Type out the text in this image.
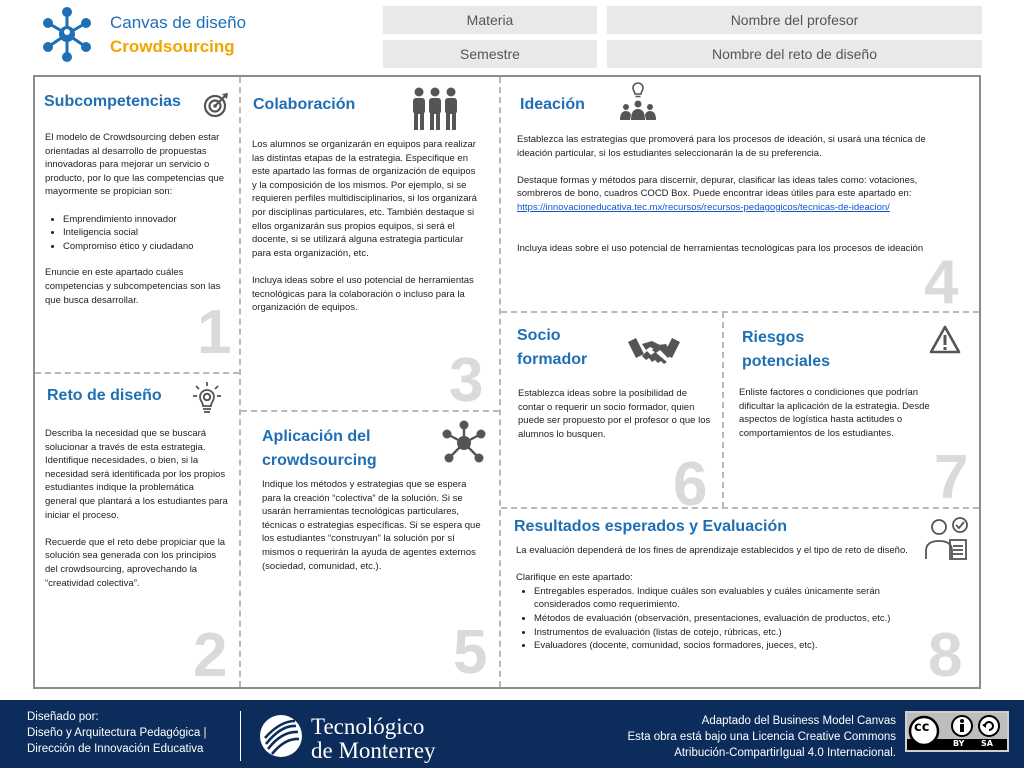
Canvas de diseño
Crowdsourcing
Materia
Semestre
Nombre del profesor
Nombre del reto de diseño
1
2
3
4
5
6	7
8
Subcompetencias

El modelo de Crowdsourcing deben estar orientadas al desarrollo de propuestas innovadoras para mejorar un servicio o producto, por lo que las competencias que mayormente se propician son:

• Emprendimiento innovador
• Inteligencia social
• Compromiso ético y ciudadano

Enuncie en este apartado cuáles competencias y subcompetencias son las que busca desarrollar.

Reto de diseño

Describa la necesidad que se buscará solucionar a través de esta estrategia. Identifique necesidades, o bien, si la necesidad será identificada por los propios estudiantes indique la problemática general que plantará a los estudiantes para iniciar el proceso.

Recuerde que el reto debe propiciar que la solución sea generada con los principios del crowdsourcing, aprovechando la “creatividad colectiva”.

Colaboración

Los alumnos se organizarán en equipos para realizar las distintas etapas de la estrategia. Especifique en este apartado las formas de organización de equipos y la composición de los mismos. Por ejemplo, si se requieren perfiles multidisciplinarios, si los organizará por disciplinas particulares, etc. También destaque si ellos organizarán sus propios equipos, si será el docente, si se utilizará alguna estrategia particular para esta organización, etc.

Incluya ideas sobre el uso potencial de herramientas tecnológicas para la colaboración o incluso para la organización de equipos.

Aplicación del crowdsourcing

Indique los métodos y estrategias que se espera para la creación “colectiva” de la solución. Si se usarán herramientas tecnológicas particulares, técnicas o estrategias específicas. Si se espera que los estudiantes “construyan” la solución por sí mismos o requerirán la ayuda de agentes externos (sociedad, comunidad, etc.).

Ideación

Establezca las estrategias que promoverá para los procesos de ideación, si usará una técnica de ideación particular, si los estudiantes seleccionarán la de su preferencia.

Destaque formas y métodos para discernir, depurar, clasificar las ideas tales como: votaciones, sombreros de bono, cuadros COCD Box. Puede encontrar ideas útiles para este apartado en:
https://innovacioneducativa.tec.mx/recursos/recursos-pedagogicos/tecnicas-de-ideacion/

Incluya ideas sobre el uso potencial de herramientas tecnológicas para los procesos de ideación

Socio formador

Establezca ideas sobre la posibilidad de contar o requerir un socio formador, quien puede ser propuesto por el profesor o que los alumnos lo busquen.

Riesgos potenciales

Enliste factores o condiciones que podrían dificultar la aplicación de la estrategia. Desde aspectos de logística hasta actitudes o comportamientos de los estudiantes.

Resultados esperados y Evaluación

La evaluación dependerá de los fines de aprendizaje establecidos y el tipo de reto de diseño.

Clarifique en este apartado:

• Entregables esperados. Indique cuáles son evaluables y cuáles únicamente serán considerados como requerimiento.
• Métodos de evaluación (observación, presentaciones, evaluación de productos, etc.)
• Instrumentos de evaluación (listas de cotejo, rúbricas, etc.)
• Evaluadores (docente, comunidad, socios formadores, jueces, etc).
Diseñado por:
Diseño y Arquitectura Pedagógica |
Dirección de Innovación Educativa
Tecnológico
de Monterrey
Adaptado del Business Model Canvas
Esta obra está bajo una Licencia Creative Commons
Atribución-CompartirIgual 4.0 Internacional.
cc
BY SA
